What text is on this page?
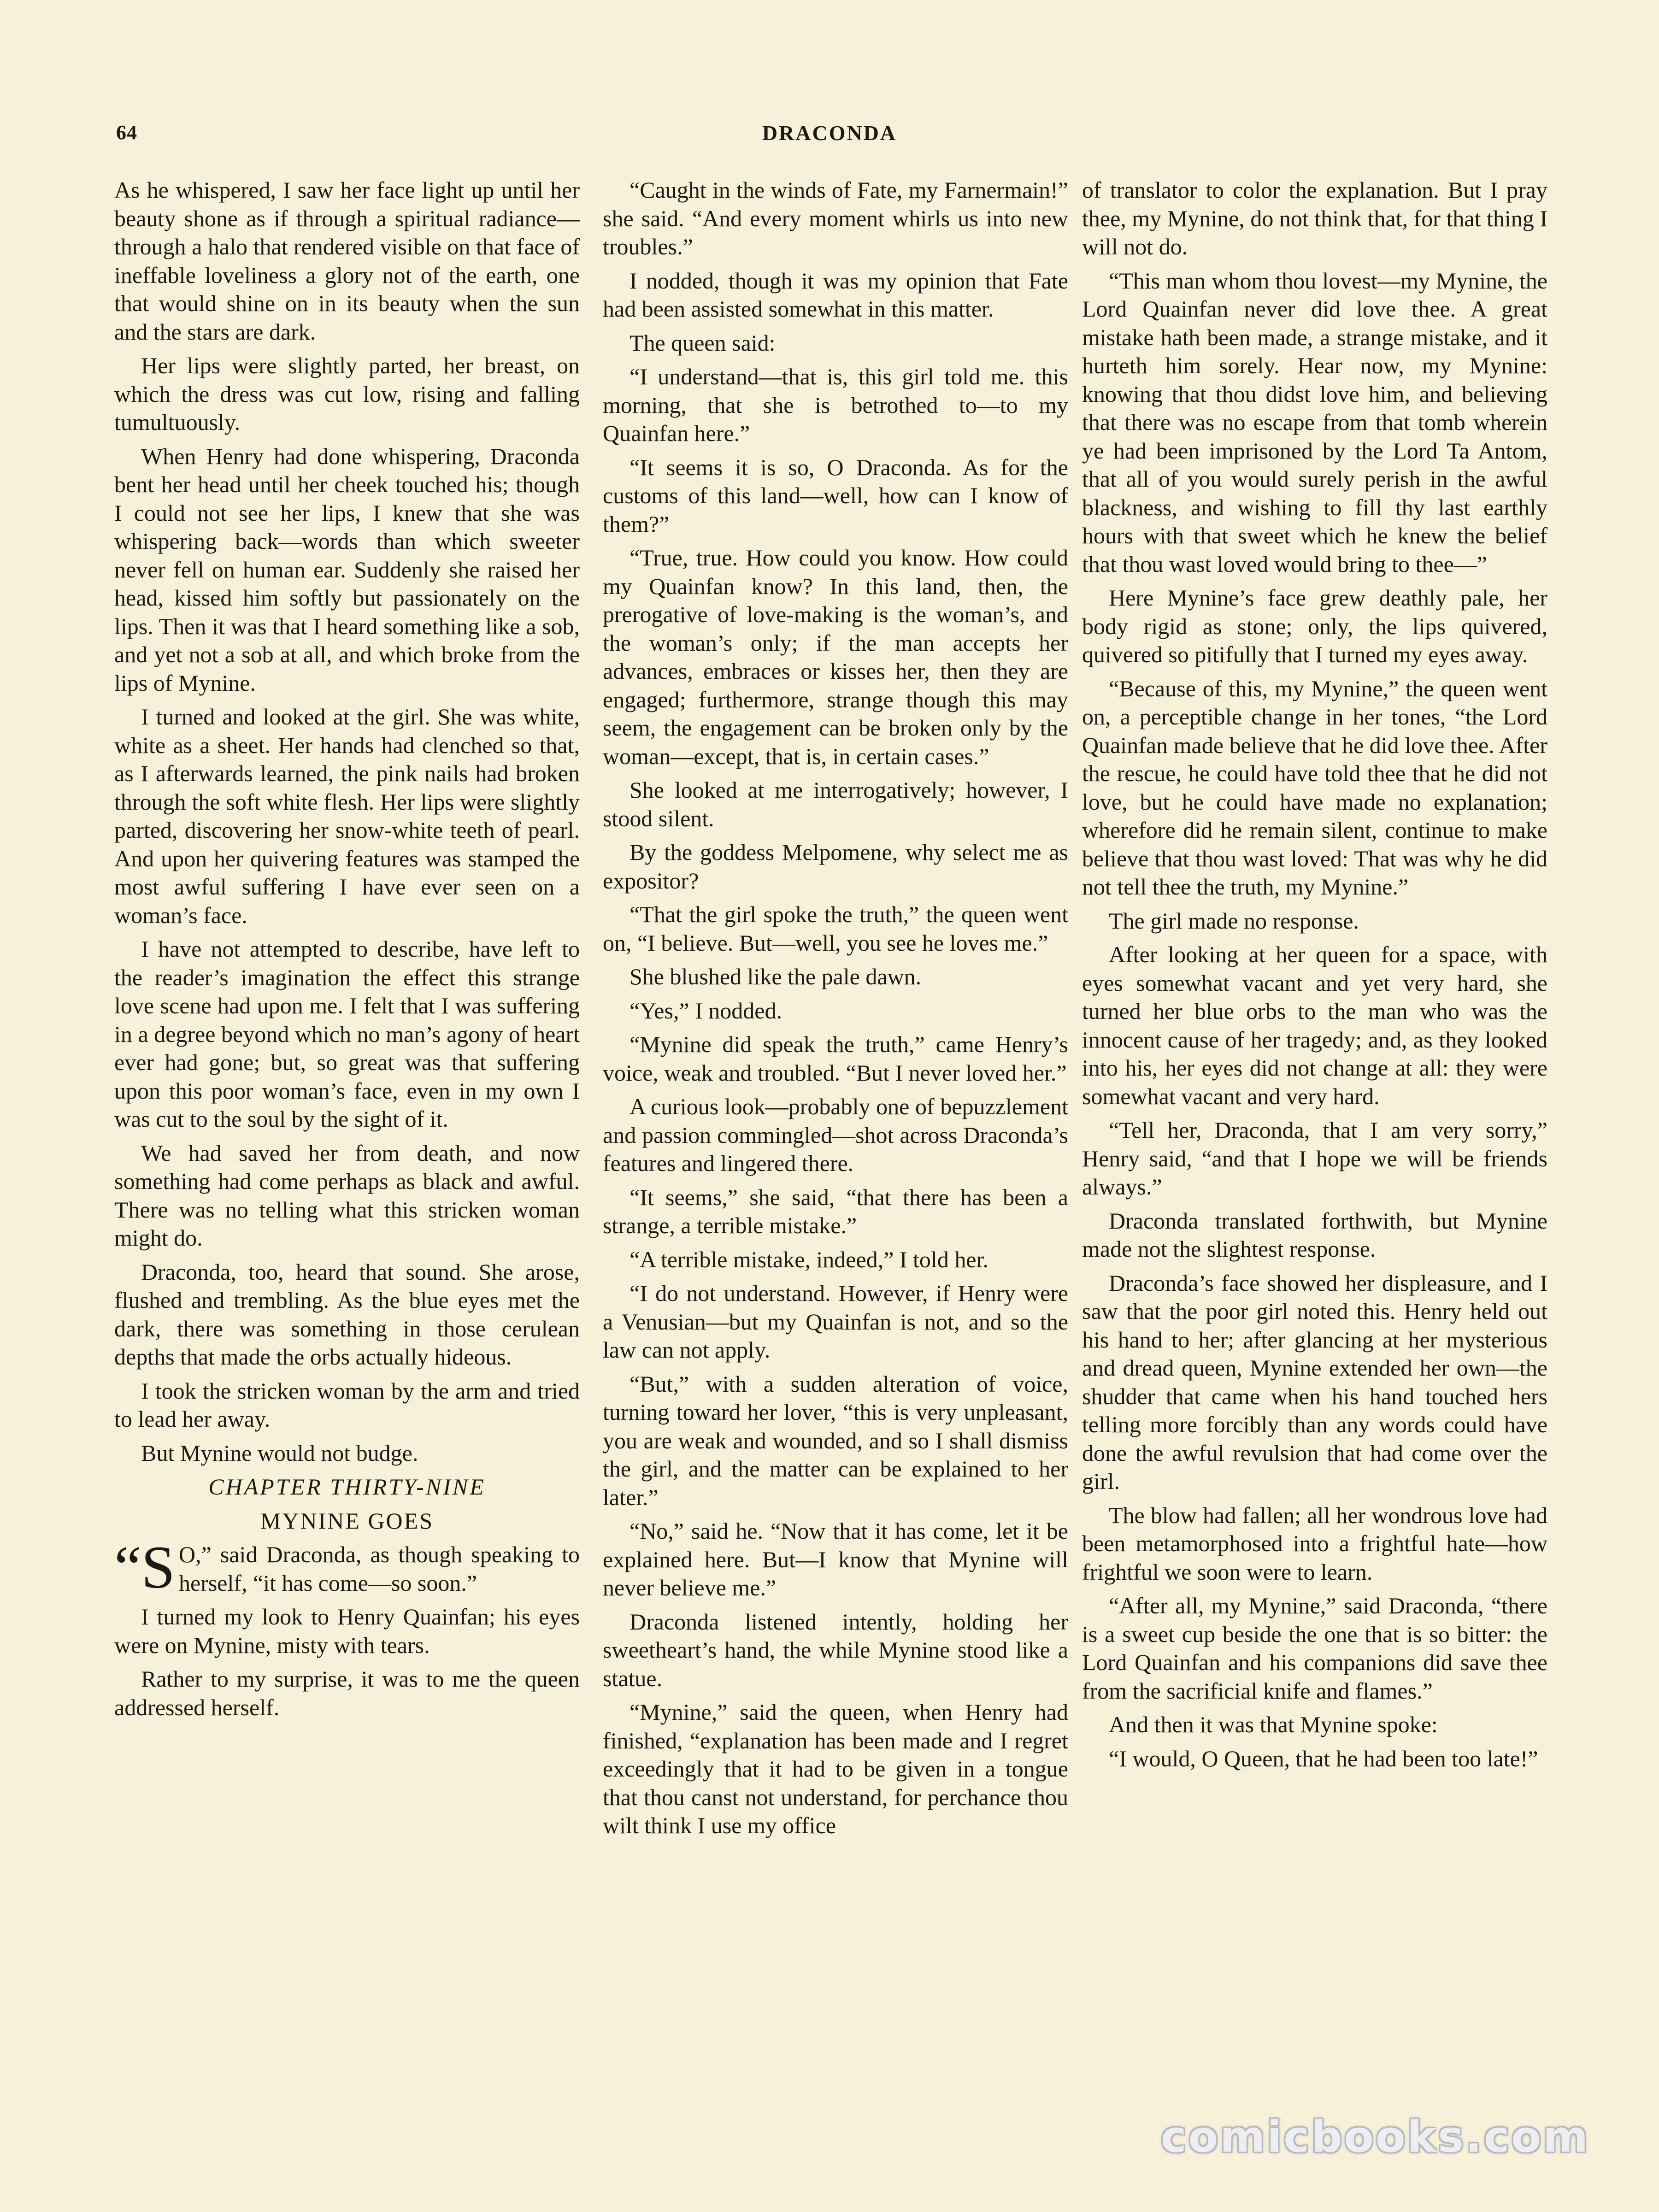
64	DRACONDA

As he whispered, I saw her face light up until her beauty shone as if through a spiritual radiance—through a halo that rendered visible on that face of ineffable loveliness a glory not of the earth, one that would shine on in its beauty when the sun and the stars are dark.

Her lips were slightly parted, her breast, on which the dress was cut low, rising and falling tumultuously.

When Henry had done whispering, Draconda bent her head until her cheek touched his; though I could not see her lips, I knew that she was whispering back—words than which sweeter never fell on human ear. Suddenly she raised her head, kissed him softly but passionately on the lips. Then it was that I heard something like a sob, and yet not a sob at all, and which broke from the lips of Mynine.

I turned and looked at the girl. She was white, white as a sheet. Her hands had clenched so that, as I afterwards learned, the pink nails had broken through the soft white flesh. Her lips were slightly parted, discovering her snow-white teeth of pearl. And upon her quivering features was stamped the most awful suffering I have ever seen on a woman’s face.

I have not attempted to describe, have left to the reader’s imagination the effect this strange love scene had upon me. I felt that I was suffering in a degree beyond which no man’s agony of heart ever had gone; but, so great was that suffering upon this poor woman’s face, even in my own I was cut to the soul by the sight of it.

We had saved her from death, and now something had come perhaps as black and awful. There was no telling what this stricken woman might do.

Draconda, too, heard that sound. She arose, flushed and trembling. As the blue eyes met the dark, there was something in those cerulean depths that made the orbs actually hideous.

I took the stricken woman by the arm and tried to lead her away.

But Mynine would not budge.

CHAPTER THIRTY-NINE

MYNINE GOES

“S O,” said Draconda, as though speaking to herself, “it has come—so soon.”

I turned my look to Henry Quainfan; his eyes were on Mynine, misty with tears.

Rather to my surprise, it was to me the queen addressed herself.

“Caught in the winds of Fate, my Farnermain!” she said. “And every moment whirls us into new troubles.”

I nodded, though it was my opinion that Fate had been assisted somewhat in this matter.

The queen said:

“I understand—that is, this girl told me. this morning, that she is betrothed to—to my Quainfan here.”

“It seems it is so, O Draconda. As for the customs of this land—well, how can I know of them?”

“True, true. How could you know. How could my Quainfan know? In this land, then, the prerogative of love-making is the woman’s, and the woman’s only; if the man accepts her advances, embraces or kisses her, then they are engaged; furthermore, strange though this may seem, the engagement can be broken only by the woman—except, that is, in certain cases.”

She looked at me interrogatively; however, I stood silent.

By the goddess Melpomene, why select me as expositor?

“That the girl spoke the truth,” the queen went on, “I believe. But—well, you see he loves me.”

She blushed like the pale dawn.

“Yes,” I nodded.

“Mynine did speak the truth,” came Henry’s voice, weak and troubled. “But I never loved her.”

A curious look—probably one of bepuzzlement and passion commingled—shot across Draconda’s features and lingered there.

“It seems,” she said, “that there has been a strange, a terrible mistake.”

“A terrible mistake, indeed,” I told her.

“I do not understand. However, if Henry were a Venusian—but my Quainfan is not, and so the law can not apply.

“But,” with a sudden alteration of voice, turning toward her lover, “this is very unpleasant, you are weak and wounded, and so I shall dismiss the girl, and the matter can be explained to her later.”

“No,” said he. “Now that it has come, let it be explained here. But—I know that Mynine will never believe me.”

Draconda listened intently, holding her sweetheart’s hand, the while Mynine stood like a statue.

“Mynine,” said the queen, when Henry had finished, “explanation has been made and I regret exceedingly that it had to be given in a tongue that thou canst not understand, for perchance thou wilt think I use my office

of translator to color the explanation. But I pray thee, my Mynine, do not think that, for that thing I will not do.

“This man whom thou lovest—my Mynine, the Lord Quainfan never did love thee. A great mistake hath been made, a strange mistake, and it hurteth him sorely. Hear now, my Mynine: knowing that thou didst love him, and believing that there was no escape from that tomb wherein ye had been imprisoned by the Lord Ta Antom, that all of you would surely perish in the awful blackness, and wishing to fill thy last earthly hours with that sweet which he knew the belief that thou wast loved would bring to thee—”

Here Mynine’s face grew deathly pale, her body rigid as stone; only, the lips quivered, quivered so pitifully that I turned my eyes away.

“Because of this, my Mynine,” the queen went on, a perceptible change in her tones, “the Lord Quainfan made believe that he did love thee. After the rescue, he could have told thee that he did not love, but he could have made no explanation; wherefore did he remain silent, continue to make believe that thou wast loved: That was why he did not tell thee the truth, my Mynine.”

The girl made no response.

After looking at her queen for a space, with eyes somewhat vacant and yet very hard, she turned her blue orbs to the man who was the innocent cause of her tragedy; and, as they looked into his, her eyes did not change at all: they were somewhat vacant and very hard.

“Tell her, Draconda, that I am very sorry,” Henry said, “and that I hope we will be friends always.”

Draconda translated forthwith, but Mynine made not the slightest response.

Draconda’s face showed her displeasure, and I saw that the poor girl noted this. Henry held out his hand to her; after glancing at her mysterious and dread queen, Mynine extended her own—the shudder that came when his hand touched hers telling more forcibly than any words could have done the awful revulsion that had come over the girl.

The blow had fallen; all her wondrous love had been metamorphosed into a frightful hate—how frightful we soon were to learn.

“After all, my Mynine,” said Draconda, “there is a sweet cup beside the one that is so bitter: the Lord Quainfan and his companions did save thee from the sacrificial knife and flames.”

And then it was that Mynine spoke:

“I would, O Queen, that he had been too late!”

comicbooks.com
